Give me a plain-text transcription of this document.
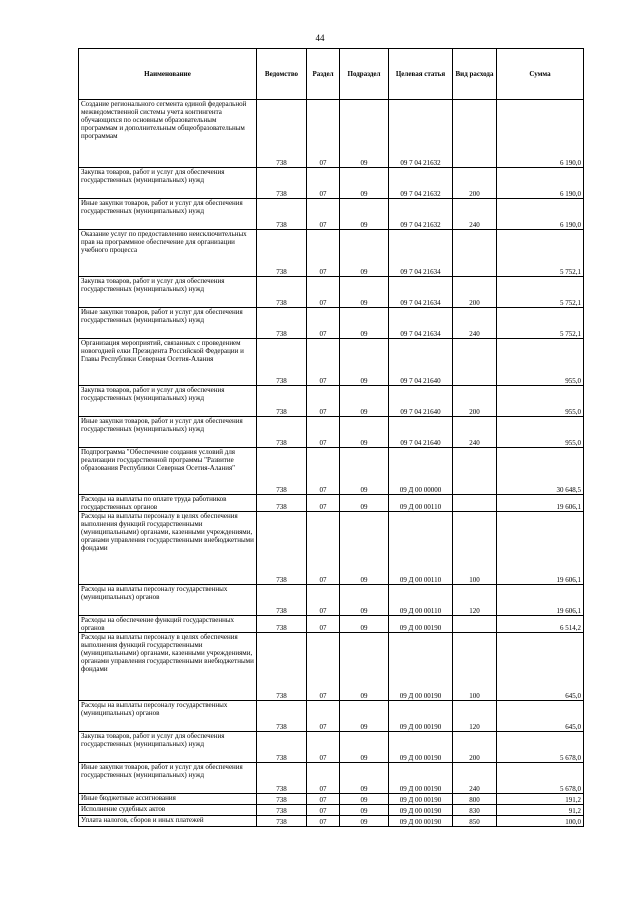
44
Наименование	Ведомство	Раздел	Подраздел	Целевая статья	Вид расхода	Сумма
Создание регионального сегмента единой федеральной межведомственной системы учета контингента обучающихся по основным образовательным программам и дополнительным общеобразовательным программам	738	07	09	09 7 04 21632		6 190,0
Закупка товаров, работ и услуг для обеспечения государственных (муниципальных) нужд	738	07	09	09 7 04 21632	200	6 190,0
Иные закупки товаров, работ и услуг для обеспечения государственных (муниципальных) нужд	738	07	09	09 7 04 21632	240	6 190,0
Оказание услуг по предоставлению неисключительных прав на программное обеспечение для организации учебного процесса	738	07	09	09 7 04 21634		5 752,1
Закупка товаров, работ и услуг для обеспечения государственных (муниципальных) нужд	738	07	09	09 7 04 21634	200	5 752,1
Иные закупки товаров, работ и услуг для обеспечения государственных (муниципальных) нужд	738	07	09	09 7 04 21634	240	5 752,1
Организация мероприятий, связанных с проведением новогодней елки Президента Российской Федерации и Главы Республики Северная Осетия-Алания	738	07	09	09 7 04 21640		955,0
Закупка товаров, работ и услуг для обеспечения государственных (муниципальных) нужд	738	07	09	09 7 04 21640	200	955,0
Иные закупки товаров, работ и услуг для обеспечения государственных (муниципальных) нужд	738	07	09	09 7 04 21640	240	955,0
Подпрограмма "Обеспечение создания условий для реализации государственной программы "Развитие образования Республики Северная Осетия-Алания"	738	07	09	09 Д 00 00000		30 648,5
Расходы на выплаты по оплате труда работников государственных органов	738	07	09	09 Д 00 00110		19 606,1
Расходы на выплаты персоналу в целях обеспечения выполнения функций государственными (муниципальными) органами, казенными учреждениями, органами управления государственными внебюджетными фондами	738	07	09	09 Д 00 00110	100	19 606,1
Расходы на выплаты персоналу государственных (муниципальных) органов	738	07	09	09 Д 00 00110	120	19 606,1
Расходы на обеспечение функций государственных органов	738	07	09	09 Д 00 00190		6 514,2
Расходы на выплаты персоналу в целях обеспечения выполнения функций государственными (муниципальными) органами, казенными учреждениями, органами управления государственными внебюджетными фондами	738	07	09	09 Д 00 00190	100	645,0
Расходы на выплаты персоналу государственных (муниципальных) органов	738	07	09	09 Д 00 00190	120	645,0
Закупка товаров, работ и услуг для обеспечения государственных (муниципальных) нужд	738	07	09	09 Д 00 00190	200	5 678,0
Иные закупки товаров, работ и услуг для обеспечения государственных (муниципальных) нужд	738	07	09	09 Д 00 00190	240	5 678,0
Иные бюджетные ассигнования	738	07	09	09 Д 00 00190	800	191,2
Исполнение судебных актов	738	07	09	09 Д 00 00190	830	91,2
Уплата налогов, сборов и иных платежей	738	07	09	09 Д 00 00190	850	100,0
